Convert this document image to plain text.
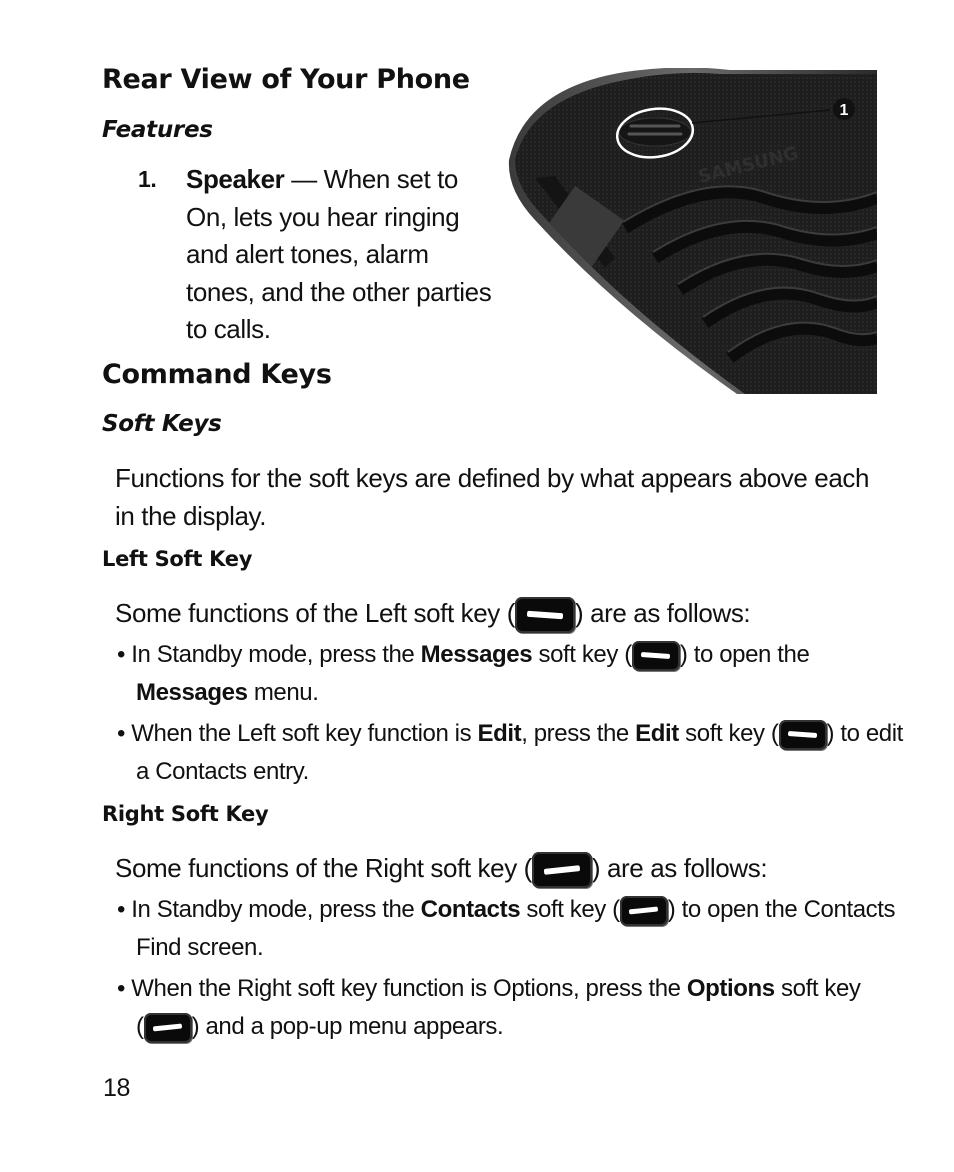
Rear View of Your Phone
Features
1. Speaker — When set to
On, lets you hear ringing
and alert tones, alarm
tones, and the other parties
to calls.
1
SAMSUNG
Command Keys
Soft Keys

Functions for the soft keys are defined by what appears above each
in the display.

Left Soft Key

Some functions of the Left soft key ( ) are as follows:

• In Standby mode, press the Messages soft key ( ) to open the
Messages menu.

• When the Left soft key function is Edit, press the Edit soft key ( ) to edit
a Contacts entry.

Right Soft Key

Some functions of the Right soft key ( ) are as follows:

• In Standby mode, press the Contacts soft key ( ) to open the Contacts
Find screen.

• When the Right soft key function is Options, press the Options soft key
( ) and a pop-up menu appears.

18
